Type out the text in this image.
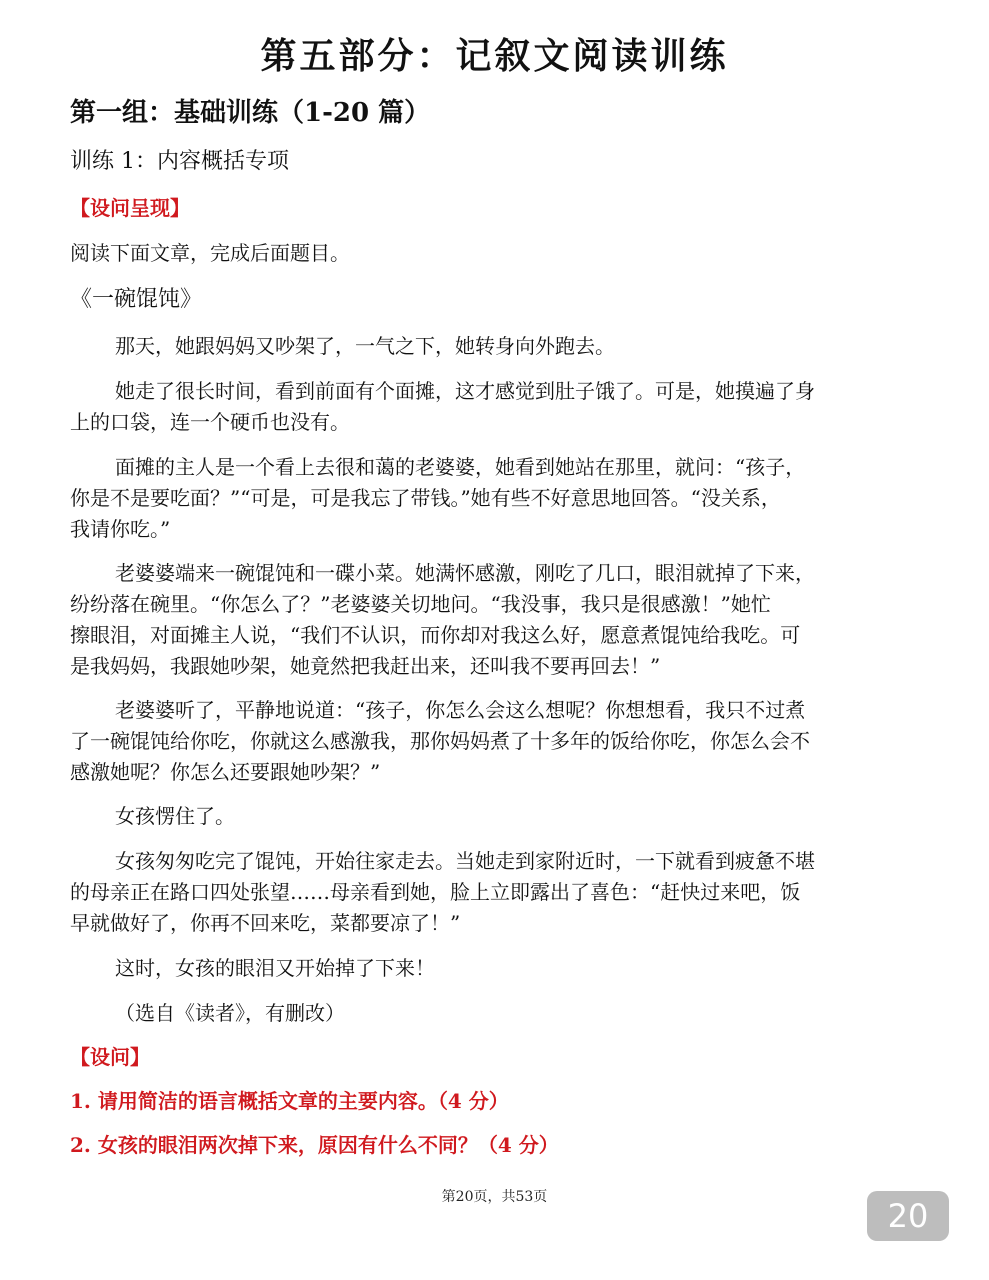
第五部分：记叙文阅读训练
第一组：基础训练（1-20 篇）
训练 1：内容概括专项
【设问呈现】
阅读下面文章，完成后面题目。
《一碗馄饨》
那天，她跟妈妈又吵架了，一气之下，她转身向外跑去。
她走了很长时间，看到前面有个面摊，这才感觉到肚子饿了。可是，她摸遍了身
上的口袋，连一个硬币也没有。
面摊的主人是一个看上去很和蔼的老婆婆，她看到她站在那里，就问：“孩子，
你是不是要吃面？”“可是，可是我忘了带钱。”她有些不好意思地回答。“没关系，
我请你吃。”
老婆婆端来一碗馄饨和一碟小菜。她满怀感激，刚吃了几口，眼泪就掉了下来，
纷纷落在碗里。“你怎么了？”老婆婆关切地问。“我没事，我只是很感激！”她忙
擦眼泪，对面摊主人说，“我们不认识，而你却对我这么好，愿意煮馄饨给我吃。可
是我妈妈，我跟她吵架，她竟然把我赶出来，还叫我不要再回去！”
老婆婆听了，平静地说道：“孩子，你怎么会这么想呢？你想想看，我只不过煮
了一碗馄饨给你吃，你就这么感激我，那你妈妈煮了十多年的饭给你吃，你怎么会不
感激她呢？你怎么还要跟她吵架？”
女孩愣住了。
女孩匆匆吃完了馄饨，开始往家走去。当她走到家附近时，一下就看到疲惫不堪
的母亲正在路口四处张望……母亲看到她，脸上立即露出了喜色：“赶快过来吧，饭
早就做好了，你再不回来吃，菜都要凉了！”
这时，女孩的眼泪又开始掉了下来！
（选自《读者》，有删改）
【设问】
1. 请用简洁的语言概括文章的主要内容。（4 分）
2. 女孩的眼泪两次掉下来，原因有什么不同？（4 分）
第20页，共53页	20
